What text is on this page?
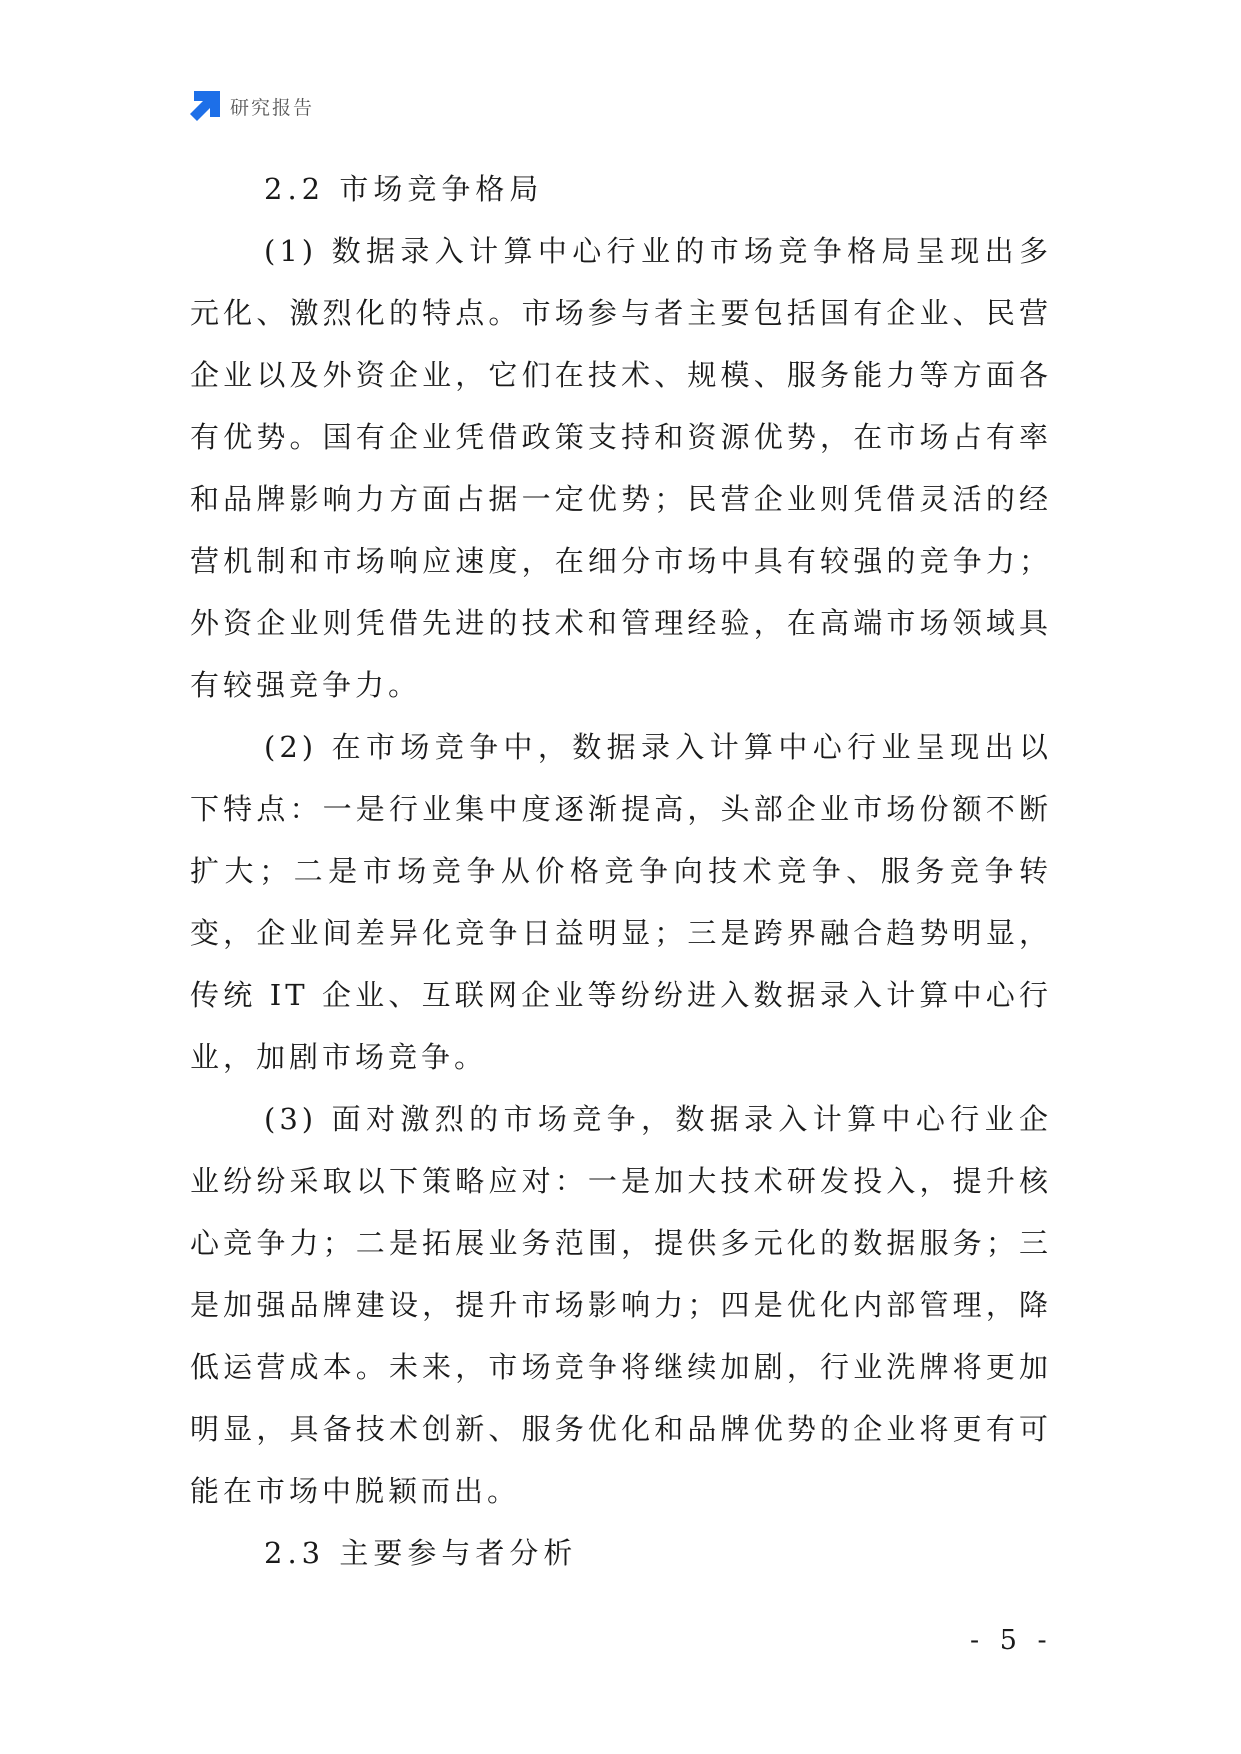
研究报告
2.2 市场竞争格局

(1) 数据录入计算中心行业的市场竞争格局呈现出多元化、激烈化的特点。市场参与者主要包括国有企业、民营企业以及外资企业，它们在技术、规模、服务能力等方面各有优势。国有企业凭借政策支持和资源优势，在市场占有率和品牌影响力方面占据一定优势；民营企业则凭借灵活的经营机制和市场响应速度，在细分市场中具有较强的竞争力；外资企业则凭借先进的技术和管理经验，在高端市场领域具有较强竞争力。

(2) 在市场竞争中，数据录入计算中心行业呈现出以下特点：一是行业集中度逐渐提高，头部企业市场份额不断扩大；二是市场竞争从价格竞争向技术竞争、服务竞争转变，企业间差异化竞争日益明显；三是跨界融合趋势明显，传统 IT 企业、互联网企业等纷纷进入数据录入计算中心行业，加剧市场竞争。

(3) 面对激烈的市场竞争，数据录入计算中心行业企业纷纷采取以下策略应对：一是加大技术研发投入，提升核心竞争力；二是拓展业务范围，提供多元化的数据服务；三是加强品牌建设，提升市场影响力；四是优化内部管理，降低运营成本。未来，市场竞争将继续加剧，行业洗牌将更加明显，具备技术创新、服务优化和品牌优势的企业将更有可能在市场中脱颖而出。

2.3 主要参与者分析
- 5 -
